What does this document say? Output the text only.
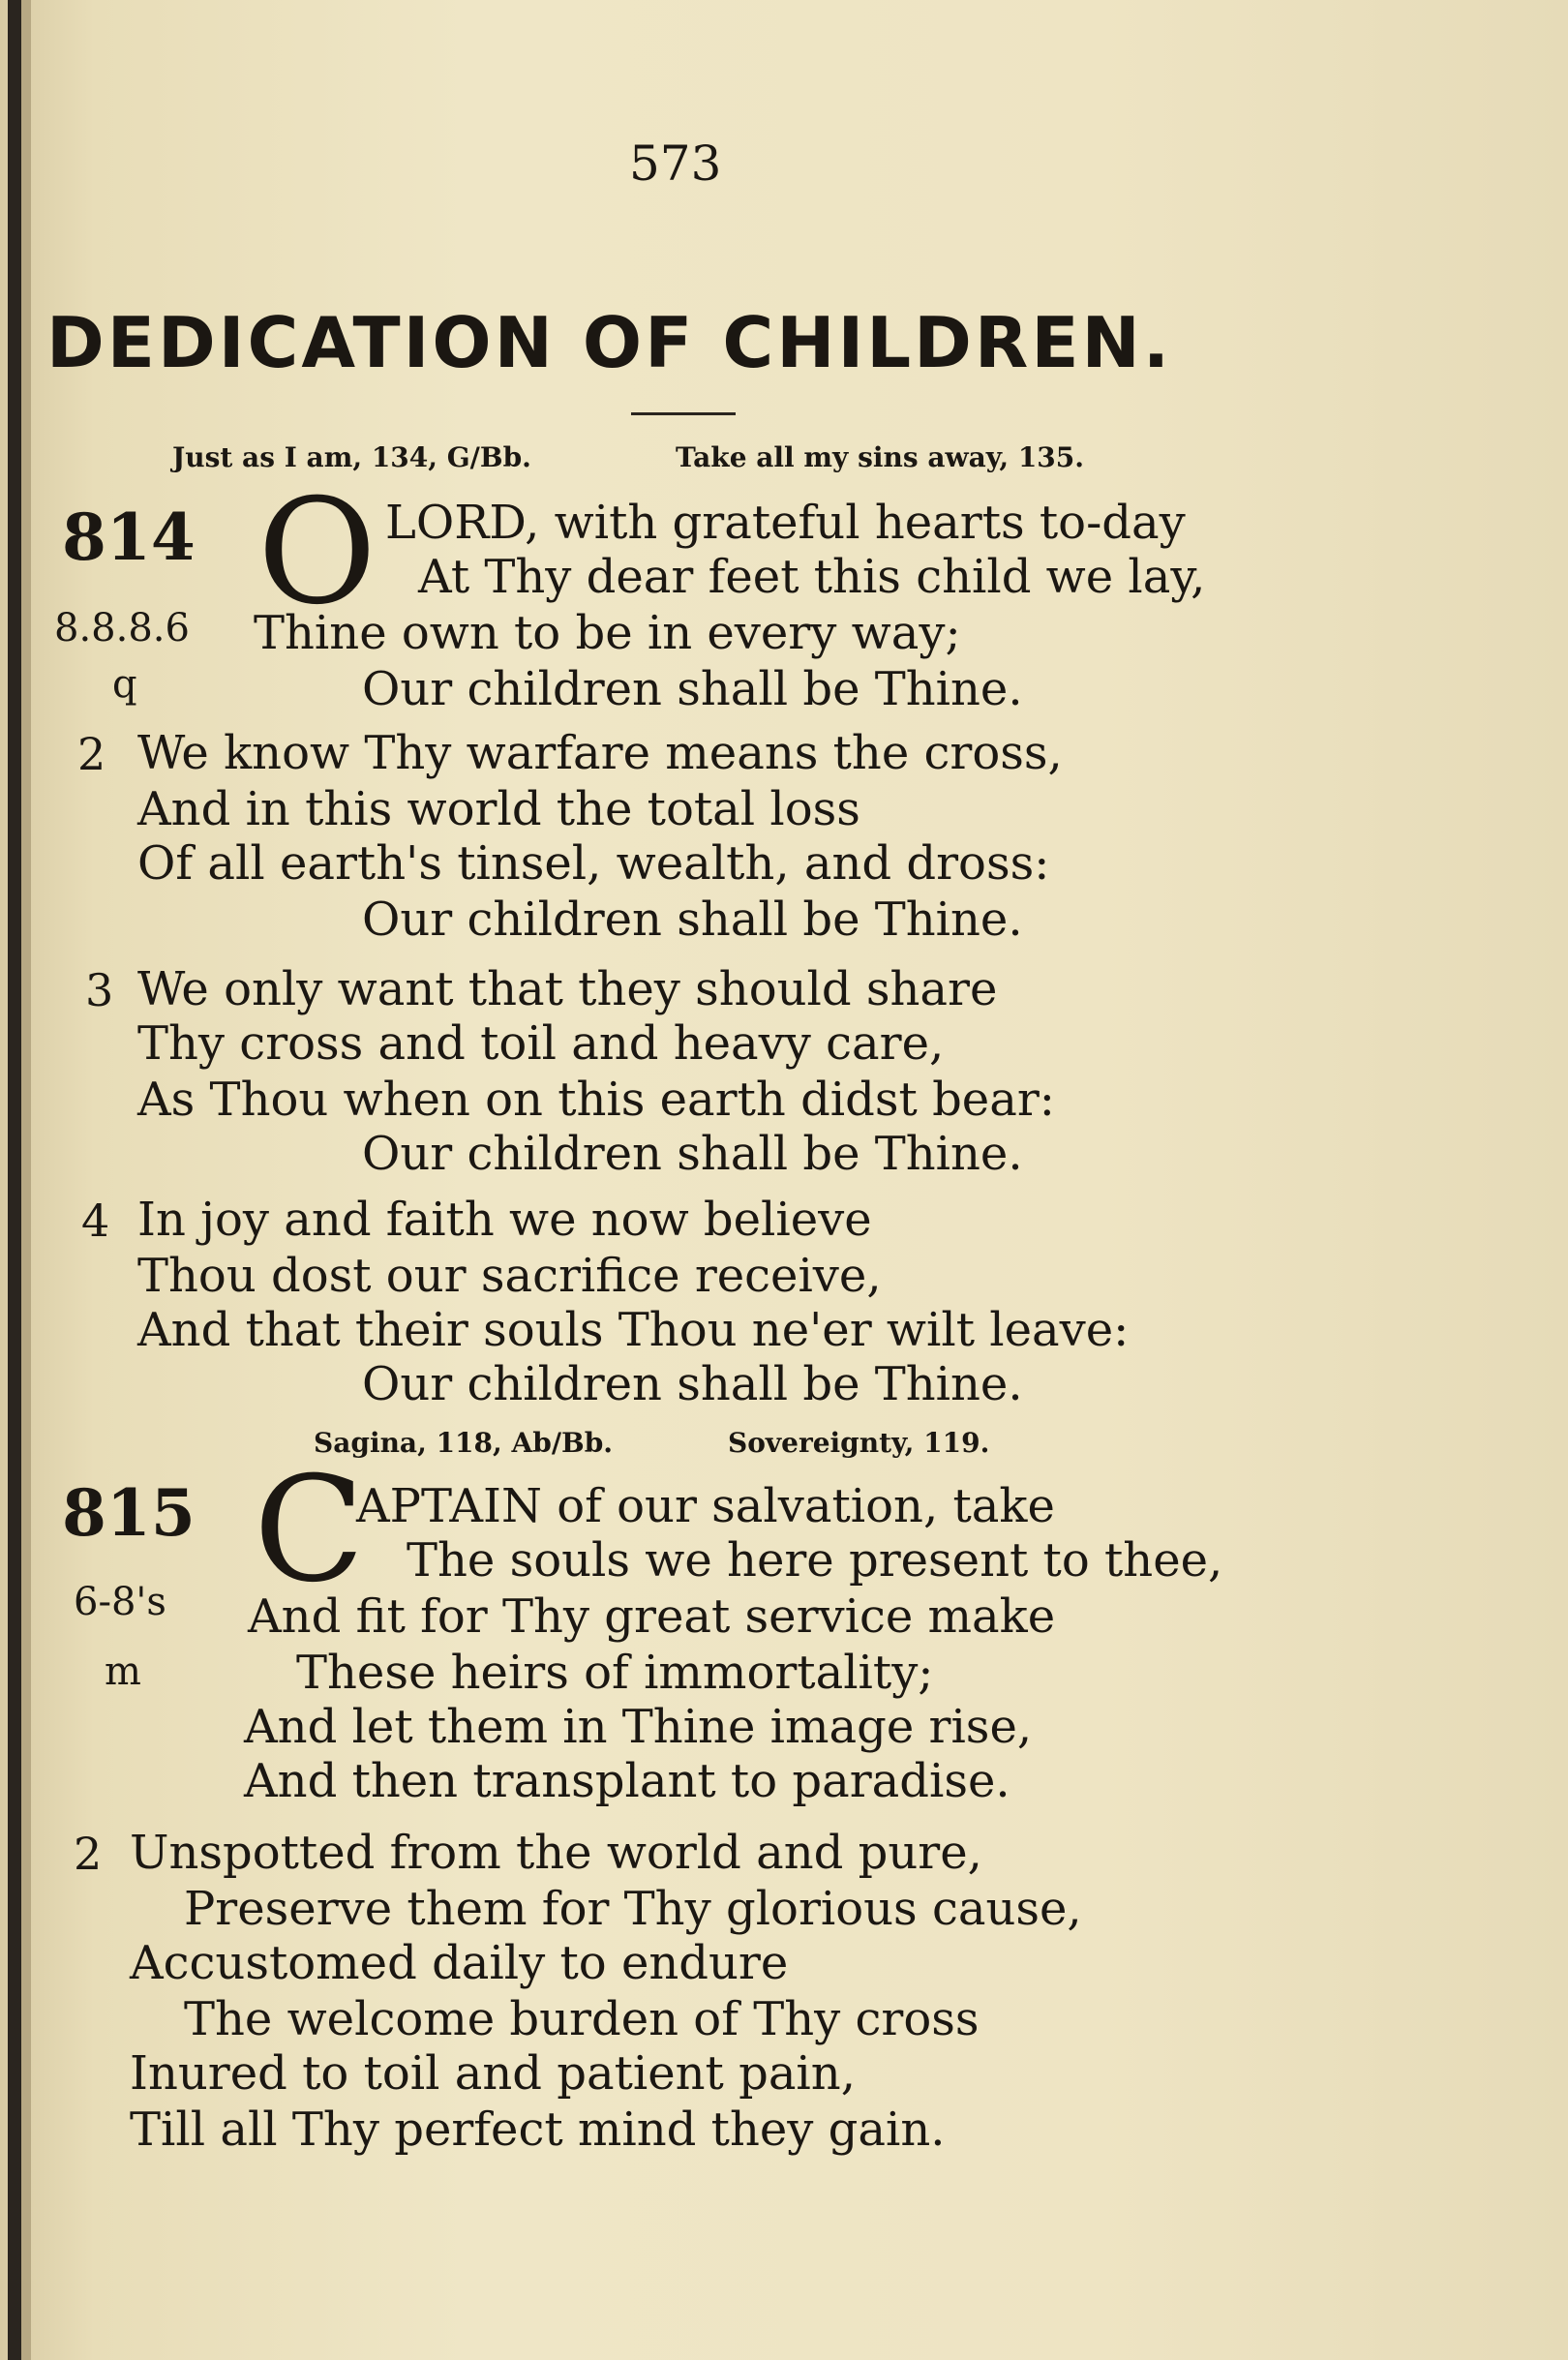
573
DEDICATION OF CHILDREN.
Just as I am, 134, G/Bb.	Take all my sins away, 135.
814
8.8.8.6
q
O LORD, with grateful hearts to-day
At Thy dear feet this child we lay,
Thine own to be in every way;
Our children shall be Thine.
2 We know Thy warfare means the cross,
And in this world the total loss
Of all earth's tinsel, wealth, and dross:
Our children shall be Thine.
3 We only want that they should share
Thy cross and toil and heavy care,
As Thou when on this earth didst bear:
Our children shall be Thine.
4 In joy and faith we now believe
Thou dost our sacrifice receive,
And that their souls Thou ne'er wilt leave:
Our children shall be Thine.
Sagina, 118, Ab/Bb.	Sovereignty, 119.
815
6-8's
m
C
APTAIN of our salvation, take
The souls we here present to thee,
And fit for Thy great service make
These heirs of immortality;
And let them in Thine image rise,
And then transplant to paradise.
2 Unspotted from the world and pure,
Preserve them for Thy glorious cause,
Accustomed daily to endure
The welcome burden of Thy cross
Inured to toil and patient pain,
Till all Thy perfect mind they gain.
